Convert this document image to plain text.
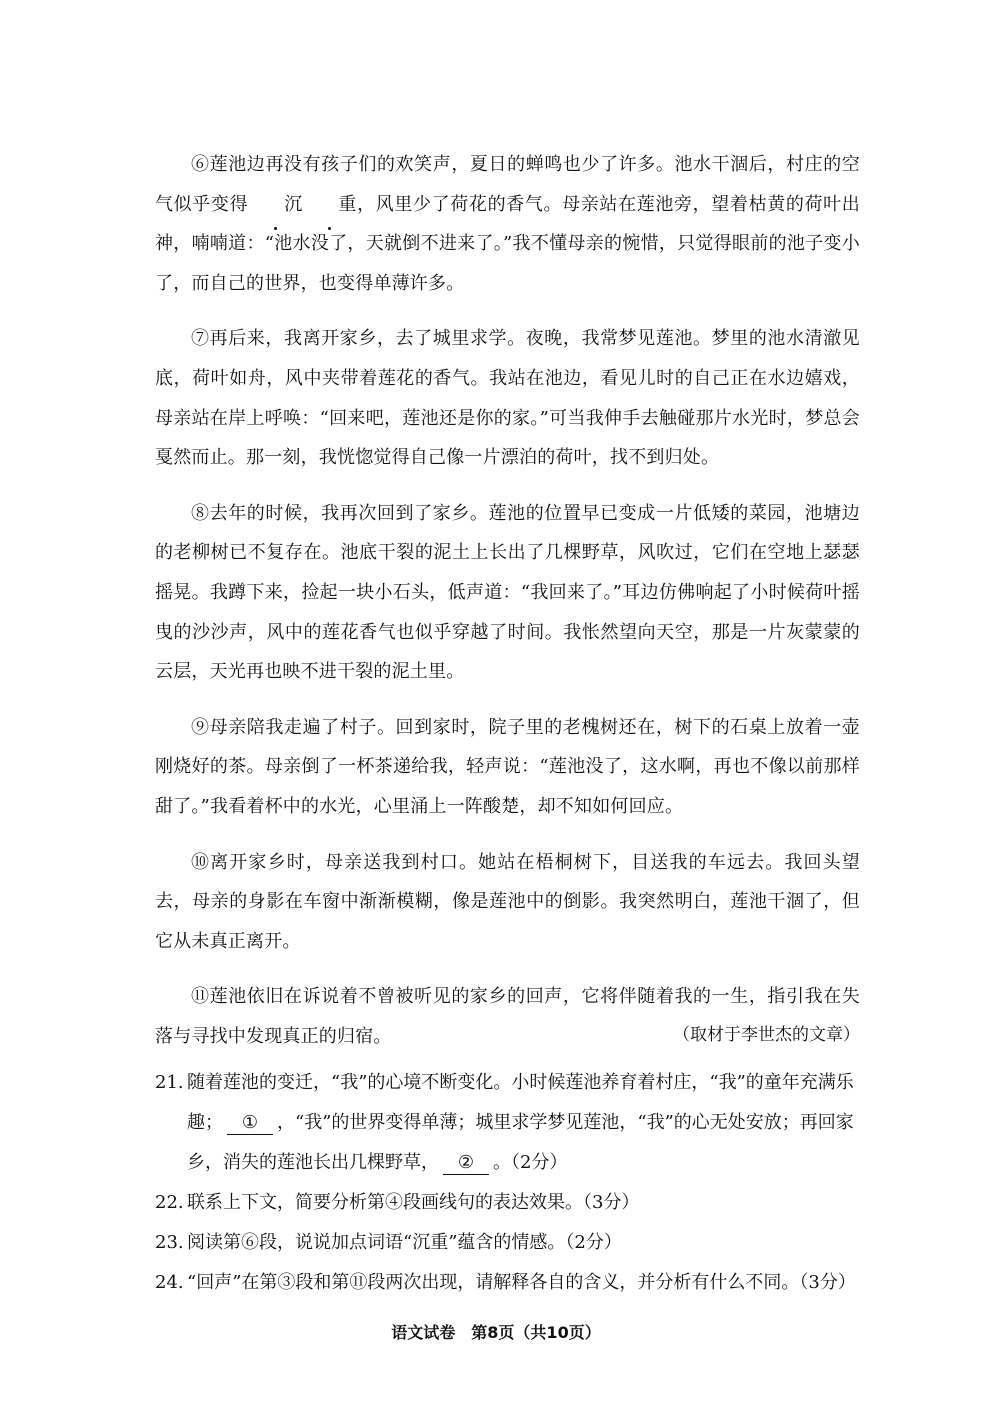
⑥莲池边再没有孩子们的欢笑声，夏日的蝉鸣也少了许多。池水干涸后，村庄的空气似乎变得 沉 重，风里少了荷花的香气。母亲站在莲池旁，望着枯黄的荷叶出神，喃喃道：“池水没了，天就倒不进来了。”我不懂母亲的惋惜，只觉得眼前的池子变小了，而自己的世界，也变得单薄许多。

⑦再后来，我离开家乡，去了城里求学。夜晚，我常梦见莲池。梦里的池水清澈见底，荷叶如舟，风中夹带着莲花的香气。我站在池边，看见儿时的自己正在水边嬉戏，母亲站在岸上呼唤：“回来吧，莲池还是你的家。”可当我伸手去触碰那片水光时，梦总会戛然而止。那一刻，我恍惚觉得自己像一片漂泊的荷叶，找不到归处。

⑧去年的时候，我再次回到了家乡。莲池的位置早已变成一片低矮的菜园，池塘边的老柳树已不复存在。池底干裂的泥土上长出了几棵野草，风吹过，它们在空地上瑟瑟摇晃。我蹲下来，捡起一块小石头，低声道：“我回来了。”耳边仿佛响起了小时候荷叶摇曳的沙沙声，风中的莲花香气也似乎穿越了时间。我怅然望向天空，那是一片灰蒙蒙的云层，天光再也映不进干裂的泥土里。

⑨母亲陪我走遍了村子。回到家时，院子里的老槐树还在，树下的石桌上放着一壶刚烧好的茶。母亲倒了一杯茶递给我，轻声说：“莲池没了，这水啊，再也不像以前那样甜了。”我看着杯中的水光，心里涌上一阵酸楚，却不知如何回应。

⑩离开家乡时，母亲送我到村口。她站在梧桐树下，目送我的车远去。我回头望去，母亲的身影在车窗中渐渐模糊，像是莲池中的倒影。我突然明白，莲池干涸了，但它从未真正离开。

⑪莲池依旧在诉说着不曾被听见的家乡的回声，它将伴随着我的一生，指引我在失落与寻找中发现真正的归宿。	（取材于李世杰的文章）
21. 随着莲池的变迁，“我”的心境不断变化。小时候莲池养育着村庄，“我”的童年充满乐趣； ① ，“我”的世界变得单薄；城里求学梦见莲池，“我”的心无处安放；再回家乡，消失的莲池长出几棵野草， ② 。（2分）
22. 联系上下文，简要分析第④段画线句的表达效果。（3分）
23. 阅读第⑥段，说说加点词语“沉重”蕴含的情感。（2分）
24. “回声”在第③段和第⑪段两次出现，请解释各自的含义，并分析有什么不同。（3分）
语文试卷　第8页（共10页）
